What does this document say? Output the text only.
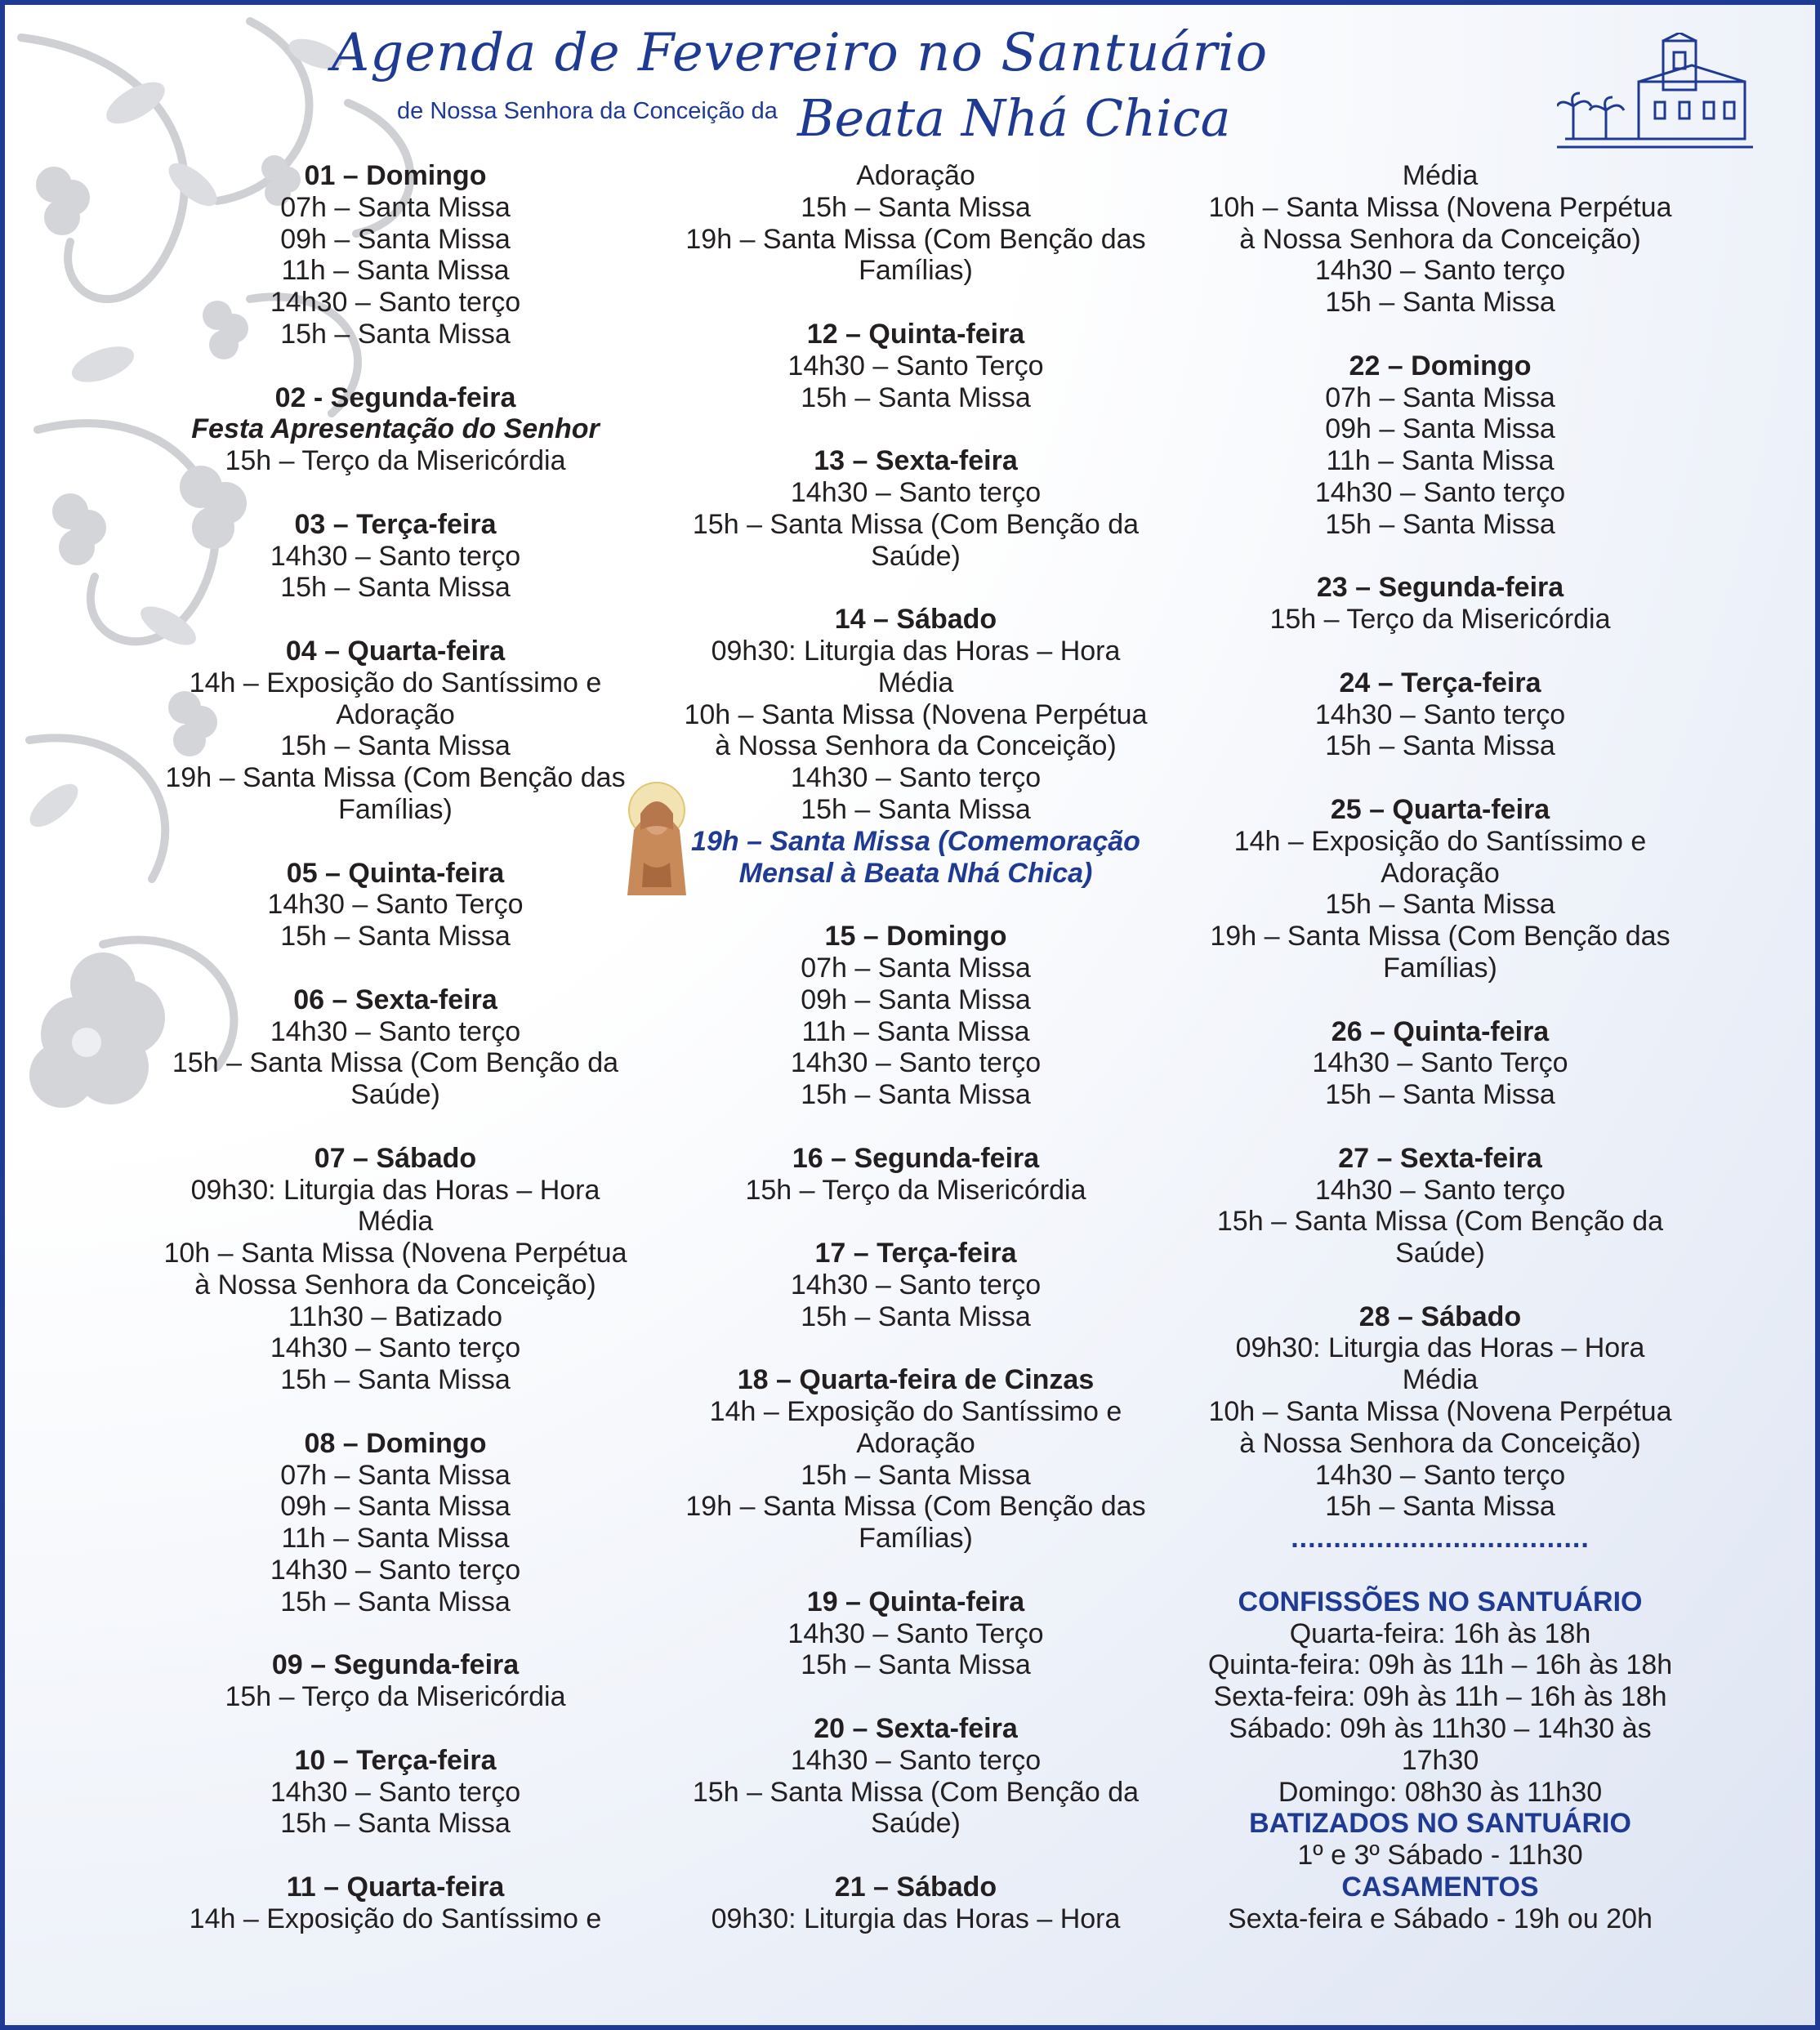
Agenda de Fevereiro no Santuário
de Nossa Senhora da Conceição da Beata Nhá Chica
01 – Domingo
07h – Santa Missa
09h – Santa Missa
11h – Santa Missa
14h30 – Santo terço
15h – Santa Missa
02 - Segunda-feira
Festa Apresentação do Senhor
15h – Terço da Misericórdia
03 – Terça-feira
14h30 – Santo terço
15h – Santa Missa
04 – Quarta-feira
14h – Exposição do Santíssimo e
Adoração
15h – Santa Missa
19h – Santa Missa (Com Benção das
Famílias)
05 – Quinta-feira
14h30 – Santo Terço
15h – Santa Missa
06 – Sexta-feira
14h30 – Santo terço
15h – Santa Missa (Com Benção da
Saúde)
07 – Sábado
09h30: Liturgia das Horas – Hora
Média
10h – Santa Missa (Novena Perpétua
à Nossa Senhora da Conceição)
11h30 – Batizado
14h30 – Santo terço
15h – Santa Missa
08 – Domingo
07h – Santa Missa
09h – Santa Missa
11h – Santa Missa
14h30 – Santo terço
15h – Santa Missa
09 – Segunda-feira
15h – Terço da Misericórdia
10 – Terça-feira
14h30 – Santo terço
15h – Santa Missa
11 – Quarta-feira
14h – Exposição do Santíssimo e
Adoração
15h – Santa Missa
19h – Santa Missa (Com Benção das
Famílias)
12 – Quinta-feira
14h30 – Santo Terço
15h – Santa Missa
13 – Sexta-feira
14h30 – Santo terço
15h – Santa Missa (Com Benção da
Saúde)
14 – Sábado
09h30: Liturgia das Horas – Hora
Média
10h – Santa Missa (Novena Perpétua
à Nossa Senhora da Conceição)
14h30 – Santo terço
15h – Santa Missa
19h – Santa Missa (Comemoração
Mensal à Beata Nhá Chica)
15 – Domingo
07h – Santa Missa
09h – Santa Missa
11h – Santa Missa
14h30 – Santo terço
15h – Santa Missa
16 – Segunda-feira
15h – Terço da Misericórdia
17 – Terça-feira
14h30 – Santo terço
15h – Santa Missa
18 – Quarta-feira de Cinzas
14h – Exposição do Santíssimo e
Adoração
15h – Santa Missa
19h – Santa Missa (Com Benção das
Famílias)
19 – Quinta-feira
14h30 – Santo Terço
15h – Santa Missa
20 – Sexta-feira
14h30 – Santo terço
15h – Santa Missa (Com Benção da
Saúde)
21 – Sábado
09h30: Liturgia das Horas – Hora
Média
10h – Santa Missa (Novena Perpétua
à Nossa Senhora da Conceição)
14h30 – Santo terço
15h – Santa Missa
22 – Domingo
07h – Santa Missa
09h – Santa Missa
11h – Santa Missa
14h30 – Santo terço
15h – Santa Missa
23 – Segunda-feira
15h – Terço da Misericórdia
24 – Terça-feira
14h30 – Santo terço
15h – Santa Missa
25 – Quarta-feira
14h – Exposição do Santíssimo e
Adoração
15h – Santa Missa
19h – Santa Missa (Com Benção das
Famílias)
26 – Quinta-feira
14h30 – Santo Terço
15h – Santa Missa
27 – Sexta-feira
14h30 – Santo terço
15h – Santa Missa (Com Benção da
Saúde)
28 – Sábado
09h30: Liturgia das Horas – Hora
Média
10h – Santa Missa (Novena Perpétua
à Nossa Senhora da Conceição)
14h30 – Santo terço
15h – Santa Missa
...................................
CONFISSÕES NO SANTUÁRIO
Quarta-feira: 16h às 18h
Quinta-feira: 09h às 11h – 16h às 18h
Sexta-feira: 09h às 11h – 16h às 18h
Sábado: 09h às 11h30 – 14h30 às
17h30
Domingo: 08h30 às 11h30
BATIZADOS NO SANTUÁRIO
1º e 3º Sábado - 11h30
CASAMENTOS
Sexta-feira e Sábado - 19h ou 20h
